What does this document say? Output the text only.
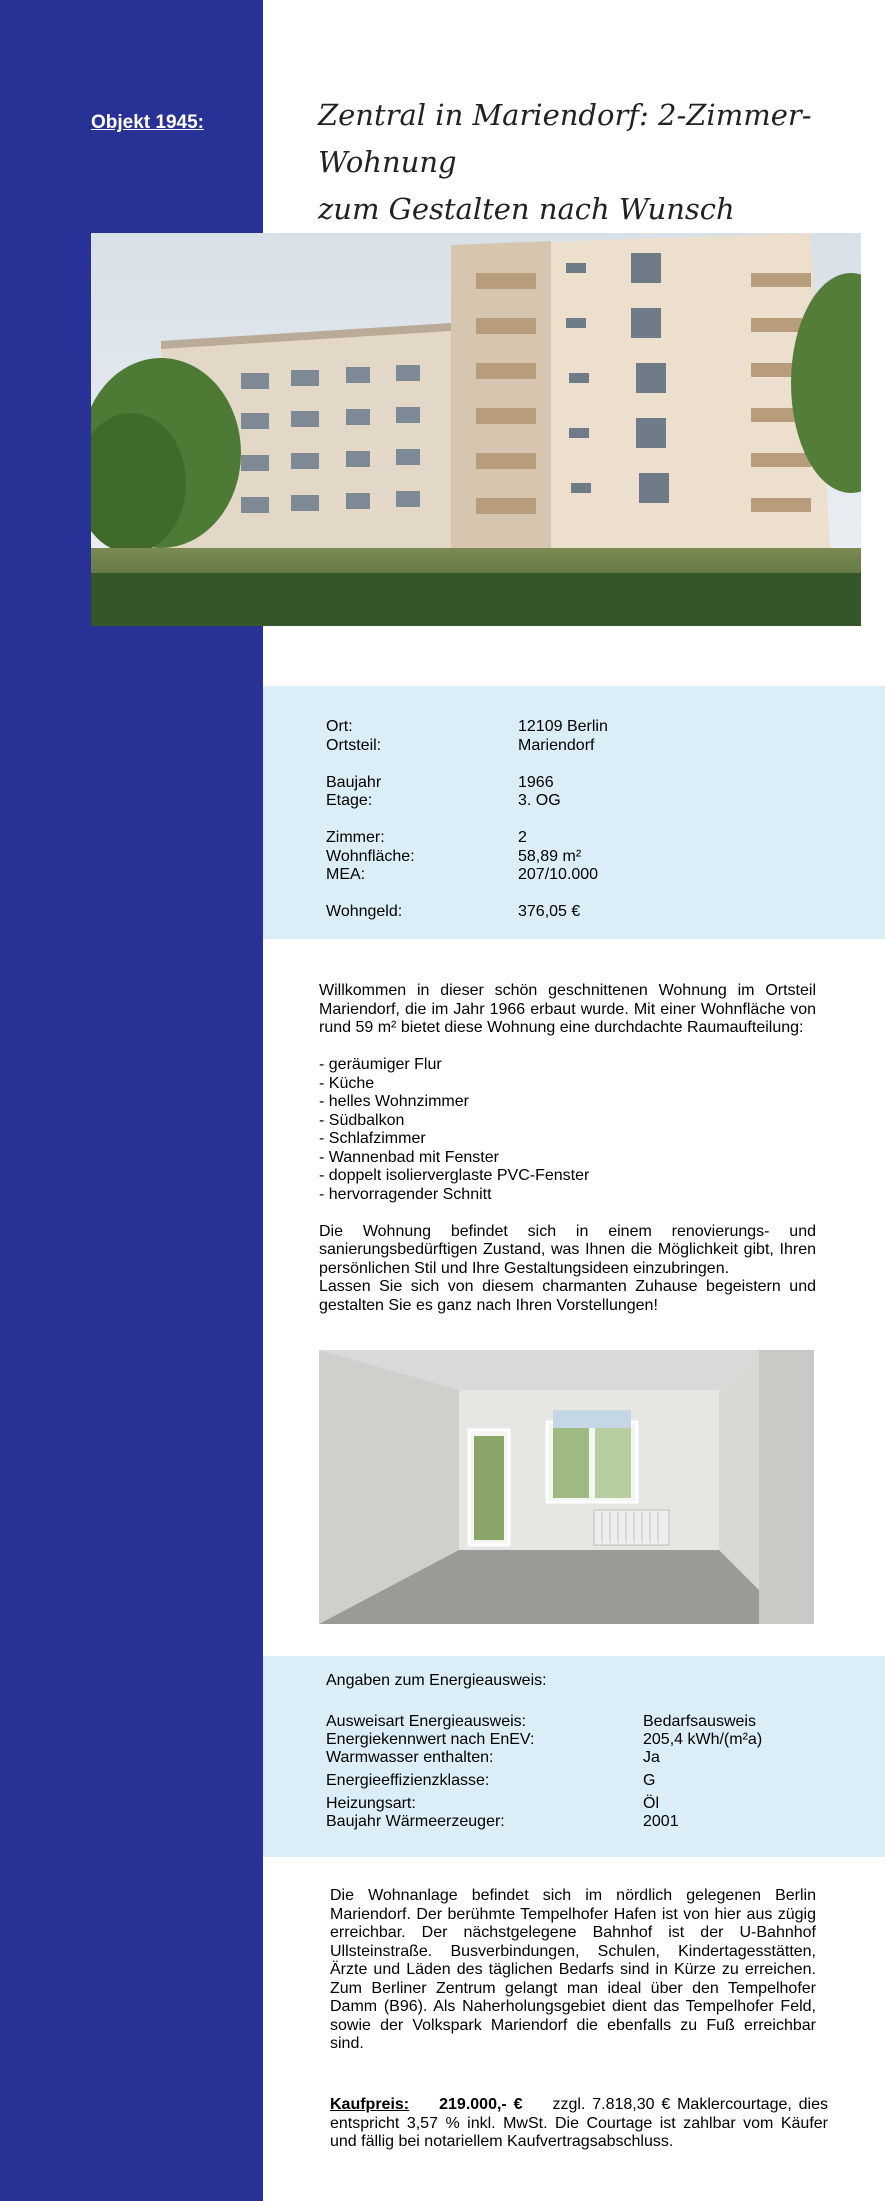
Objekt 1945:	Zentral in Mariendorf: 2-Zimmer-Wohnung
zum Gestalten nach Wunsch
Ort:	12109 Berlin
Ortsteil:	Mariendorf
Baujahr	1966
Etage:	3. OG
Zimmer:	2
Wohnfläche:	58,89 m²
MEA:	207/10.000
Wohngeld:	376,05 €

Willkommen in dieser schön geschnittenen Wohnung im Ortsteil Mariendorf, die im Jahr 1966 erbaut wurde. Mit einer Wohnfläche von rund 59 m² bietet diese Wohnung eine durchdachte Raumaufteilung:

- geräumiger Flur
- Küche
- helles Wohnzimmer
- Südbalkon
- Schlafzimmer
- Wannenbad mit Fenster
- doppelt isolierverglaste PVC-Fenster
- hervorragender Schnitt

Die Wohnung befindet sich in einem renovierungs- und sanierungsbedürftigen Zustand, was Ihnen die Möglichkeit gibt, Ihren persönlichen Stil und Ihre Gestaltungsideen einzubringen.

Lassen Sie sich von diesem charmanten Zuhause begeistern und gestalten Sie es ganz nach Ihren Vorstellungen!

Angaben zum Energieausweis:
Ausweisart Energieausweis:	Bedarfsausweis
Energiekennwert nach EnEV:	205,4 kWh/(m²a)
Warmwasser enthalten:	Ja
Energieeffizienzklasse:	G
Heizungsart:	Öl
Baujahr Wärmeerzeuger:	2001
Die Wohnanlage befindet sich im nördlich gelegenen Berlin Mariendorf. Der berühmte Tempelhofer Hafen ist von hier aus zügig erreichbar. Der nächstgelegene Bahnhof ist der U-Bahnhof Ullsteinstraße. Busverbindungen, Schulen, Kindertagesstätten, Ärzte und Läden des täglichen Bedarfs sind in Kürze zu erreichen. Zum Berliner Zentrum gelangt man ideal über den Tempelhofer Damm (B96). Als Naherholungsgebiet dient das Tempelhofer Feld, sowie der Volkspark Mariendorf die ebenfalls zu Fuß erreichbar sind.
Kaufpreis: 219.000,- € zzgl. 7.818,30 € Maklercourtage, dies entspricht 3,57 % inkl. MwSt. Die Courtage ist zahlbar vom Käufer und fällig bei notariellem Kaufvertragsabschluss.
